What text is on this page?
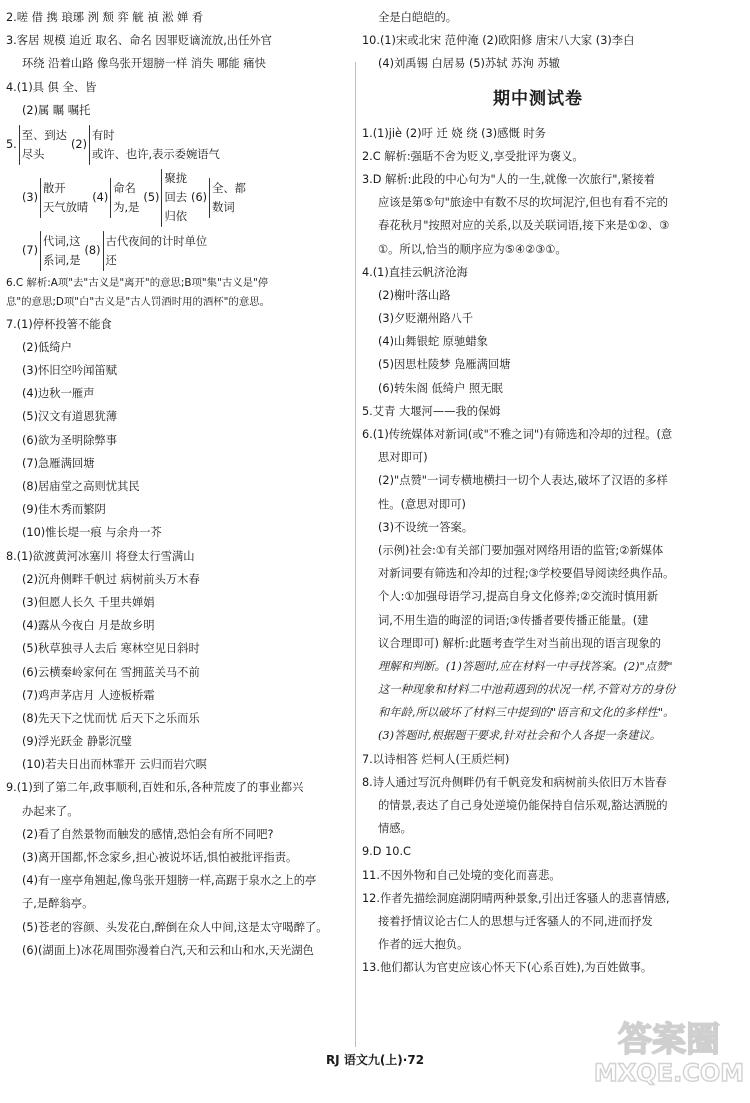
2.嗟 借 携 琅琊 洌 颓 弈 觥 禎 淞 婵 肴
3.客居 规模 追近 取名、命名 因罪贬谪流放,出任外官
环绕 沿着山路 像鸟张开翅膀一样 消失 哪能 痛快
4.(1)具 俱 全、皆
(2)属 瞩 嘱托
5.
至、到达
尽头
(2)
有时
或许、也许,表示委婉语气
(3)
散开
天气放晴
(4)
命名
为,是
(5)
聚拢
回去
归依
(6)
全、都
数词
(7)
代词,这
系词,是
(8)
古代夜间的计时单位
还
6.C 解析:A项"去"古义是"离开"的意思;B项"集"古义是"停
息"的意思;D项"白"古义是"古人罚酒时用的酒杯"的意思。
7.(1)停杯投箸不能食
(2)低绮户
(3)怀旧空吟闻笛赋
(4)边秋一雁声
(5)汉文有道恩犹薄
(6)欲为圣明除弊事
(7)急雁满回塘
(8)居庙堂之高则忧其民
(9)佳木秀而繁阴
(10)惟长堤一痕 与余舟一芥
8.(1)欲渡黄河冰塞川 将登太行雪满山
(2)沉舟侧畔千帆过 病树前头万木春
(3)但愿人长久 千里共婵娟
(4)露从今夜白 月是故乡明
(5)秋草独寻人去后 寒林空见日斜时
(6)云横秦岭家何在 雪拥蓝关马不前
(7)鸡声茅店月 人迹板桥霜
(8)先天下之忧而忧 后天下之乐而乐
(9)浮光跃金 静影沉璧
(10)若夫日出而林霏开 云归而岩穴暝
9.(1)到了第二年,政事顺利,百姓和乐,各种荒废了的事业都兴
办起来了。
(2)看了自然景物而触发的感情,恐怕会有所不同吧?
(3)离开国都,怀念家乡,担心被说坏话,惧怕被批评指责。
(4)有一座亭角翘起,像鸟张开翅膀一样,高踞于泉水之上的亭
子,是醉翁亭。
(5)苍老的容颜、头发花白,醉倒在众人中间,这是太守喝醉了。
(6)(湖面上)冰花周围弥漫着白汽,天和云和山和水,天光湖色
全是白皑皑的。
10.(1)宋或北宋 范仲淹 (2)欧阳修 唐宋八大家 (3)李白
(4)刘禹锡 白居易 (5)苏轼 苏洵 苏辙
期中测试卷
1.(1)jiè (2)吁 迁 娆 绕 (3)感慨 时务
2.C 解析:强聒不舍为贬义,享受批评为褒义。
3.D 解析:此段的中心句为"人的一生,就像一次旅行",紧接着
应该是第⑤句"旅途中有数不尽的坎坷泥泞,但也有看不完的
春花秋月"按照对应的关系,以及关联词语,接下来是①②、③
①。所以,恰当的顺序应为⑤④②③①。
4.(1)直挂云帆济沧海
(2)榭叶落山路
(3)夕贬潮州路八千
(4)山舞银蛇 原驰蜡象
(5)因思杜陵梦 凫雁满回塘
(6)转朱阁 低绮户 照无眠
5.艾青 大堰河——我的保姆
6.(1)传统媒体对新词(或"不雅之词")有筛选和冷却的过程。(意
思对即可)
(2)"点赞"一词专横地横扫一切个人表达,破坏了汉语的多样
性。(意思对即可)
(3)不设统一答案。
(示例)社会:①有关部门要加强对网络用语的监管;②新媒体
对新词要有筛选和冷却的过程;③学校要倡导阅读经典作品。
个人:①加强母语学习,提高自身文化修养;②交流时慎用新
词,不用生造的晦涩的词语;③传播者要传播正能量。(建
议合理即可) 解析:此题考查学生对当前出现的语言现象的
理解和判断。(1)答题时,应在材料一中寻找答案。(2)"点赞"
这一种现象和材料二中池莉遇到的状况一样,不管对方的身份
和年龄,所以破坏了材料三中提到的"语言和文化的多样性"。
(3)答题时,根据题干要求,针对社会和个人各提一条建议。
7.以诗相答 烂柯人(王质烂柯)
8.诗人通过写沉舟侧畔仍有千帆竞发和病树前头依旧万木皆春
的情景,表达了自己身处逆境仍能保持自信乐观,豁达洒脱的
情感。
9.D 10.C
11.不因外物和自己处境的变化而喜悲。
12.作者先描绘洞庭湖阴晴两种景象,引出迁客骚人的悲喜情感,
接着抒情议论古仁人的思想与迁客骚人的不同,进而抒发
作者的远大抱负。
13.他们都认为官吏应该心怀天下(心系百姓),为百姓做事。
RJ 语文九(上)·72	答案圈
MXQE.COM
